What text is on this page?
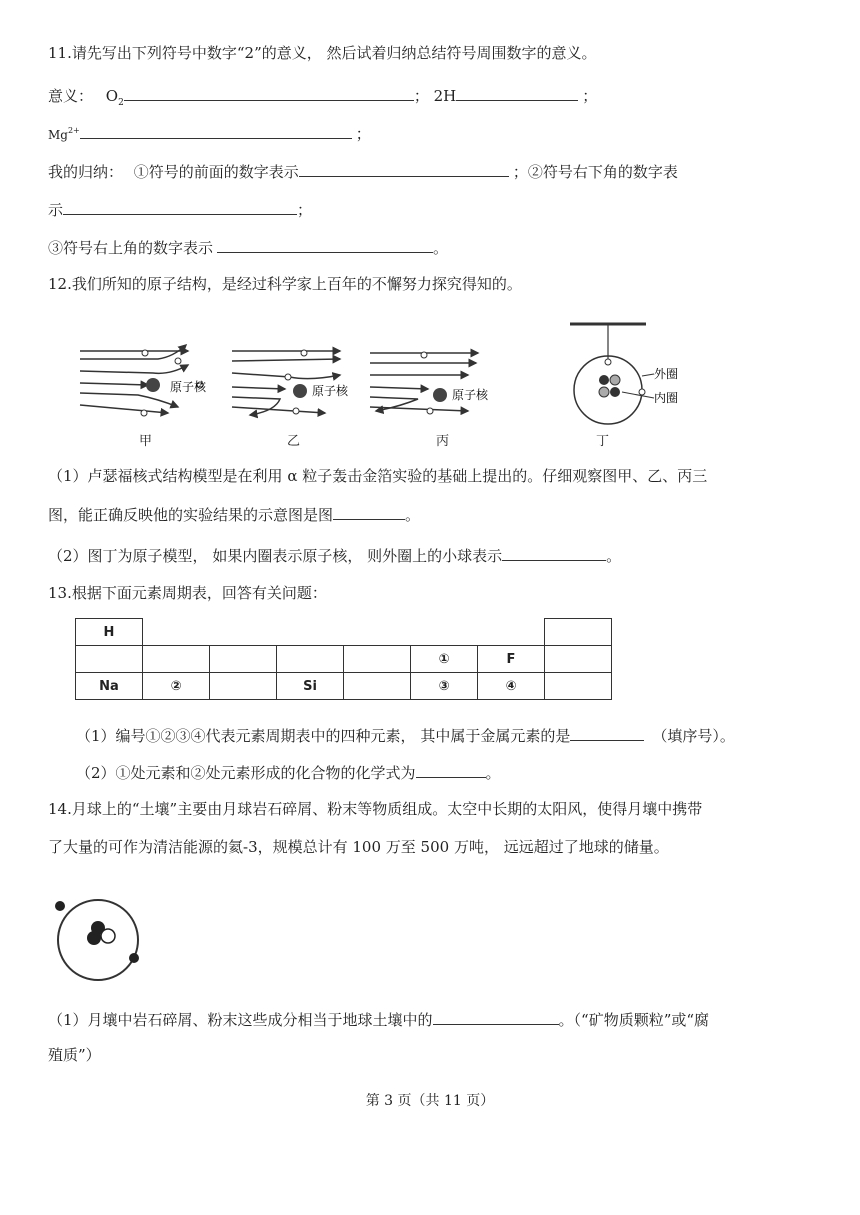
11.请先写出下列符号中数字“2”的意义， 然后试着归纳总结符号周围数字的意义。
意义： $O_2$	； 2H	；
$Mg^{2+}$	；
我的归纳： ①符号的前面的数字表示	；②符号右下角的数字表
示	；
③符号右上角的数字表示	。
12.我们所知的原子结构，是经过科学家上百年的不懈努力探究得知的。
原子核
甲
原子核
乙
原子核
丙
外圈
内圈
丁
（1）卢瑟福核式结构模型是在利用 α 粒子轰击金箔实验的基础上提出的。仔细观察图甲、乙、丙三
图，能正确反映他的实验结果的示意图是图	。
（2）图丁为原子模型， 如果内圈表示原子核， 则外圈上的小球表示	。
13.根据下面元素周期表，回答有关问题：
H							
					①	F	
Na	②		Si		③	④	
（1）编号①②③④代表元素周期表中的四种元素， 其中属于金属元素的是	（填序号）。
（2）①处元素和②处元素形成的化合物的化学式为	。
14.月球上的“土壤”主要由月球岩石碎屑、粉末等物质组成。太空中长期的太阳风，使得月壤中携带
了大量的可作为清洁能源的氦-3，规模总计有 100 万至 500 万吨， 远远超过了地球的储量。
（1）月壤中岩石碎屑、粉末这些成分相当于地球土壤中的	。（“矿物质颗粒”或“腐
殖质”）
第 3 页（共 11 页）
